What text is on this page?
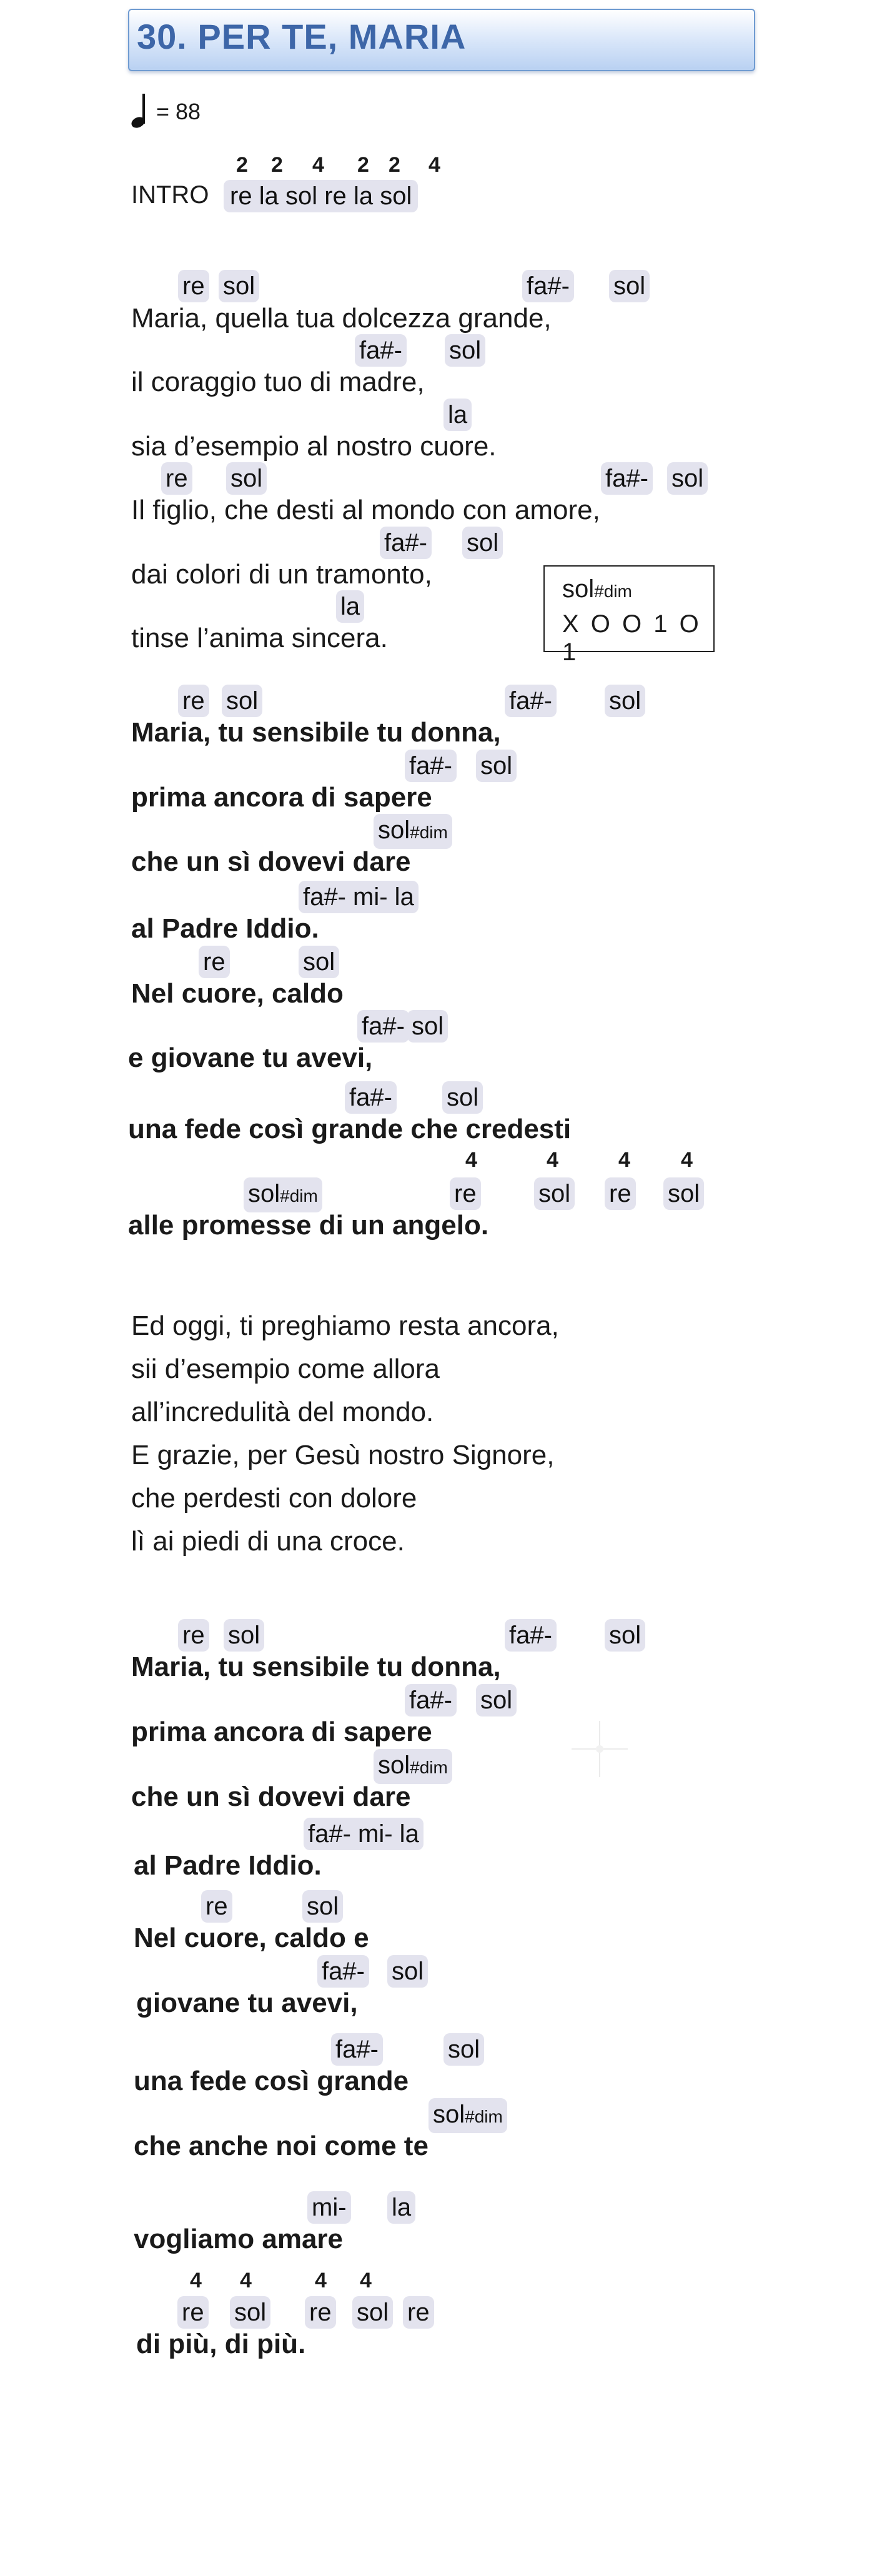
30. PER TE, MARIA
= 88
2 2 4 2 2 4
INTRO re la sol re la sol
re sol	fa#- sol
Maria, quella tua dolcezza grande,
fa#- sol
il coraggio tuo di madre,
la
sia d’esempio al nostro cuore.
re sol	fa#- sol
Il figlio, che desti al mondo con amore,
fa#- sol
dai colori di un tramonto,
la
tinse l’anima sincera.
sol#dim
X O O 1 O 1
re sol	fa#- sol
Maria, tu sensibile tu donna,
fa#- sol
prima ancora di sapere
sol#dim
che un sì dovevi dare
fa#- mi- la
al Padre Iddio.
re	sol
Nel cuore, caldo
fa#- sol
e giovane tu avevi,
fa#- sol
una fede così grande che credesti
4	4	4 4
sol#dim	re sol re sol
alle promesse di un angelo.
Ed oggi, ti preghiamo resta ancora,
sii d’esempio come allora
all’incredulità del mondo.
E grazie, per Gesù nostro Signore,
che perdesti con dolore
lì ai piedi di una croce.
re sol	fa#- sol
Maria, tu sensibile tu donna,
fa#- sol
prima ancora di sapere
sol#dim
che un sì dovevi dare
fa#- mi- la
al Padre Iddio.
re	sol
Nel cuore, caldo e
fa#- sol
giovane tu avevi,
fa#-	sol
una fede così grande
sol#dim
che anche noi come te
mi- la
vogliamo amare
4 4	4 4
re sol re sol re
di più, di più.
